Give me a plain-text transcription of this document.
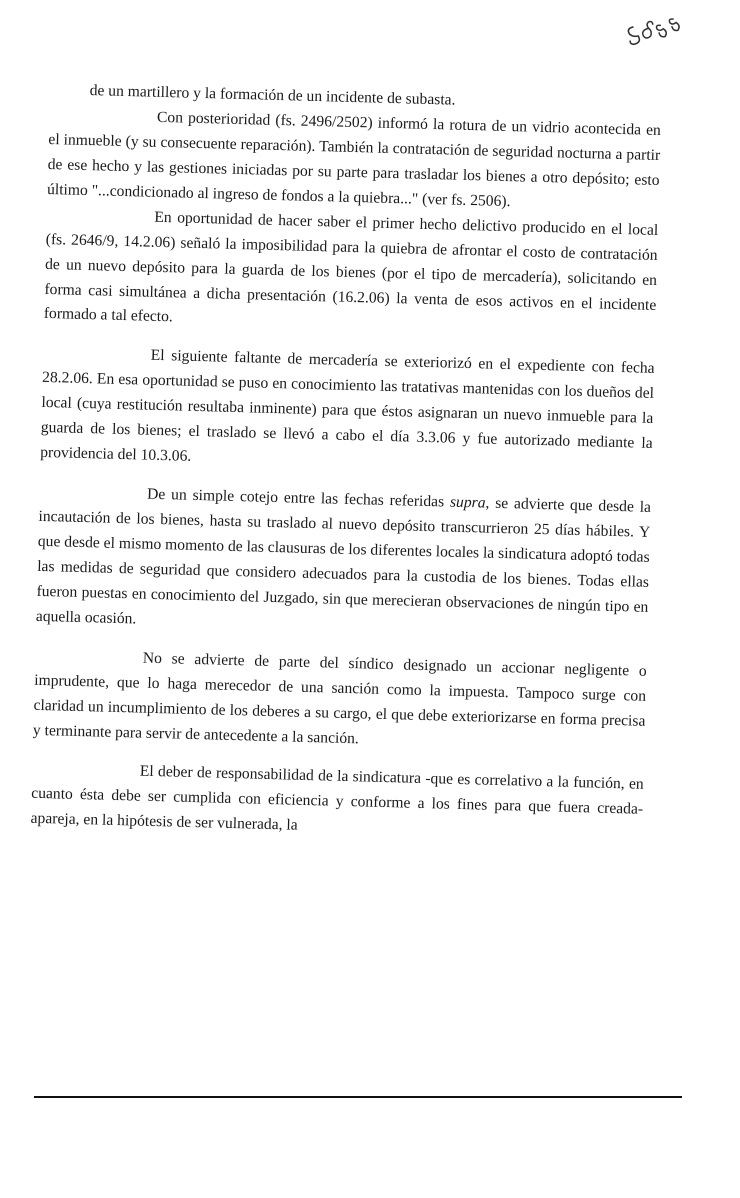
de un martillero y la formación de un incidente de subasta.

Con posterioridad (fs. 2496/2502) informó la rotura de un vidrio acontecida en el inmueble (y su consecuente reparación). También la contratación de seguridad nocturna a partir de ese hecho y las gestiones iniciadas por su parte para trasladar los bienes a otro depósito; esto último "...condicionado al ingreso de fondos a la quiebra..." (ver fs. 2506).

En oportunidad de hacer saber el primer hecho delictivo producido en el local (fs. 2646/9, 14.2.06) señaló la imposibilidad para la quiebra de afrontar el costo de contratación de un nuevo depósito para la guarda de los bienes (por el tipo de mercadería), solicitando en forma casi simultánea a dicha presentación (16.2.06) la venta de esos activos en el incidente formado a tal efecto.

El siguiente faltante de mercadería se exteriorizó en el expediente con fecha 28.2.06. En esa oportunidad se puso en conocimiento las tratativas mantenidas con los dueños del local (cuya restitución resultaba inminente) para que éstos asignaran un nuevo inmueble para la guarda de los bienes; el traslado se llevó a cabo el día 3.3.06 y fue autorizado mediante la providencia del 10.3.06.

De un simple cotejo entre las fechas referidas supra, se advierte que desde la incautación de los bienes, hasta su traslado al nuevo depósito transcurrieron 25 días hábiles. Y que desde el mismo momento de las clausuras de los diferentes locales la sindicatura adoptó todas las medidas de seguridad que considero adecuados para la custodia de los bienes. Todas ellas fueron puestas en conocimiento del Juzgado, sin que merecieran observaciones de ningún tipo en aquella ocasión.

No se advierte de parte del síndico designado un accionar negligente o imprudente, que lo haga merecedor de una sanción como la impuesta. Tampoco surge con claridad un incumplimiento de los deberes a su cargo, el que debe exteriorizarse en forma precisa y terminante para servir de antecedente a la sanción.

El deber de responsabilidad de la sindicatura -que es correlativo a la función, en cuanto ésta debe ser cumplida con eficiencia y conforme a los fines para que fuera creada- apareja, en la hipótesis de ser vulnerada, la
